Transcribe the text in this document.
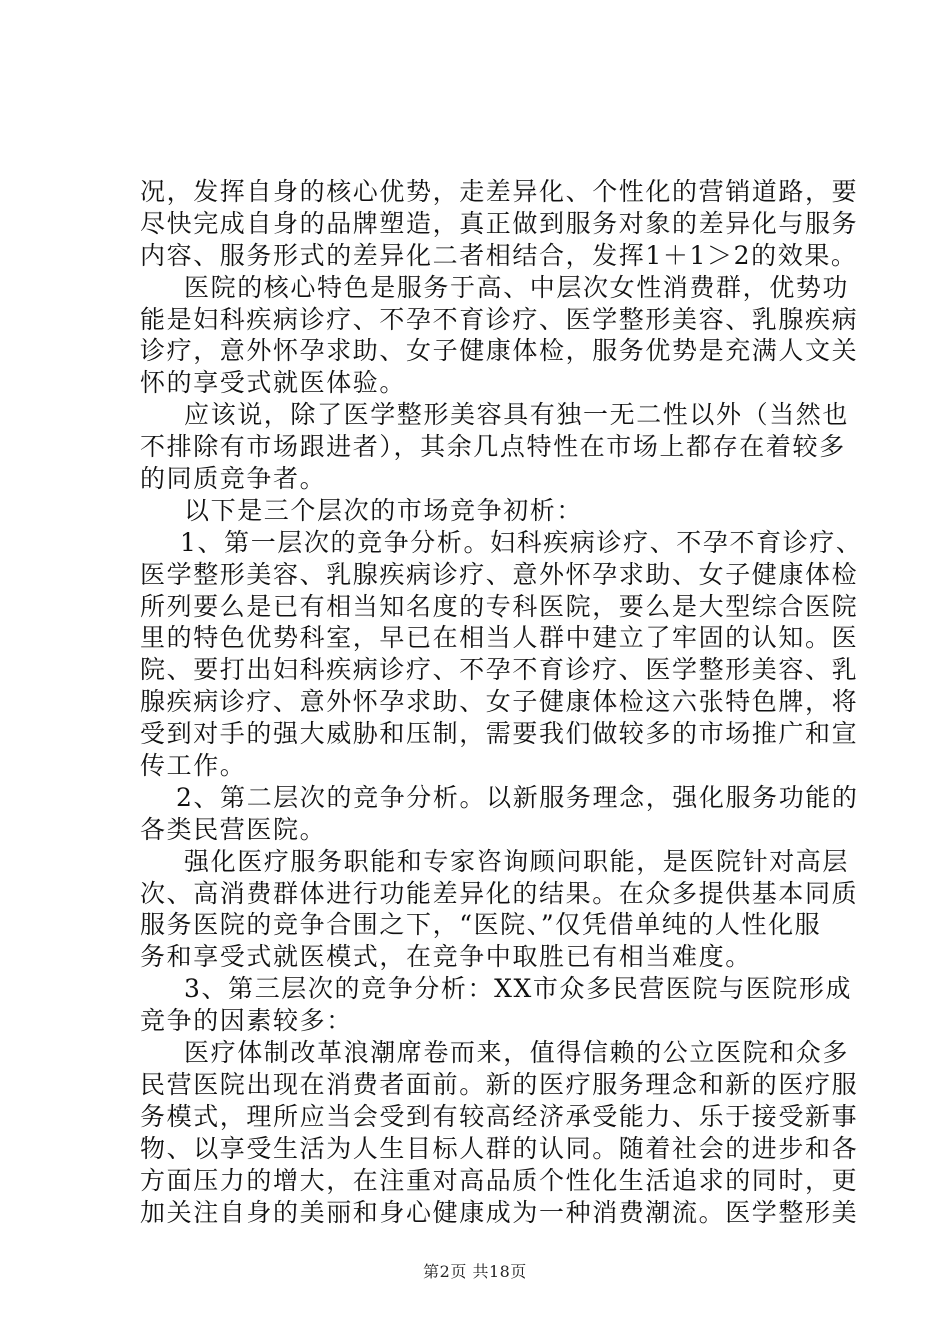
况，发挥自身的核心优势，走差异化、个性化的营销道路，要
尽快完成自身的品牌塑造，真正做到服务对象的差异化与服务
内容、服务形式的差异化二者相结合，发挥1＋1＞2的效果。
医院的核心特色是服务于高、中层次女性消费群，优势功
能是妇科疾病诊疗、不孕不育诊疗、医学整形美容、乳腺疾病
诊疗，意外怀孕求助、女子健康体检，服务优势是充满人文关
怀的享受式就医体验。
应该说，除了医学整形美容具有独一无二性以外（当然也
不排除有市场跟进者），其余几点特性在市场上都存在着较多
的同质竞争者。
以下是三个层次的市场竞争初析：
1、第一层次的竞争分析。妇科疾病诊疗、不孕不育诊疗、
医学整形美容、乳腺疾病诊疗、意外怀孕求助、女子健康体检
所列要么是已有相当知名度的专科医院，要么是大型综合医院
里的特色优势科室，早已在相当人群中建立了牢固的认知。医
院、要打出妇科疾病诊疗、不孕不育诊疗、医学整形美容、乳
腺疾病诊疗、意外怀孕求助、女子健康体检这六张特色牌，将
受到对手的强大威胁和压制，需要我们做较多的市场推广和宣
传工作。
2、第二层次的竞争分析。以新服务理念，强化服务功能的
各类民营医院。
强化医疗服务职能和专家咨询顾问职能，是医院针对高层
次、高消费群体进行功能差异化的结果。在众多提供基本同质
服务医院的竞争合围之下，“医院、”仅凭借单纯的人性化服
务和享受式就医模式，在竞争中取胜已有相当难度。
3、第三层次的竞争分析：XX市众多民营医院与医院形成
竞争的因素较多：
医疗体制改革浪潮席卷而来，值得信赖的公立医院和众多
民营医院出现在消费者面前。新的医疗服务理念和新的医疗服
务模式，理所应当会受到有较高经济承受能力、乐于接受新事
物、以享受生活为人生目标人群的认同。随着社会的进步和各
方面压力的增大，在注重对高品质个性化生活追求的同时，更
加关注自身的美丽和身心健康成为一种消费潮流。医学整形美
第2页 共18页
